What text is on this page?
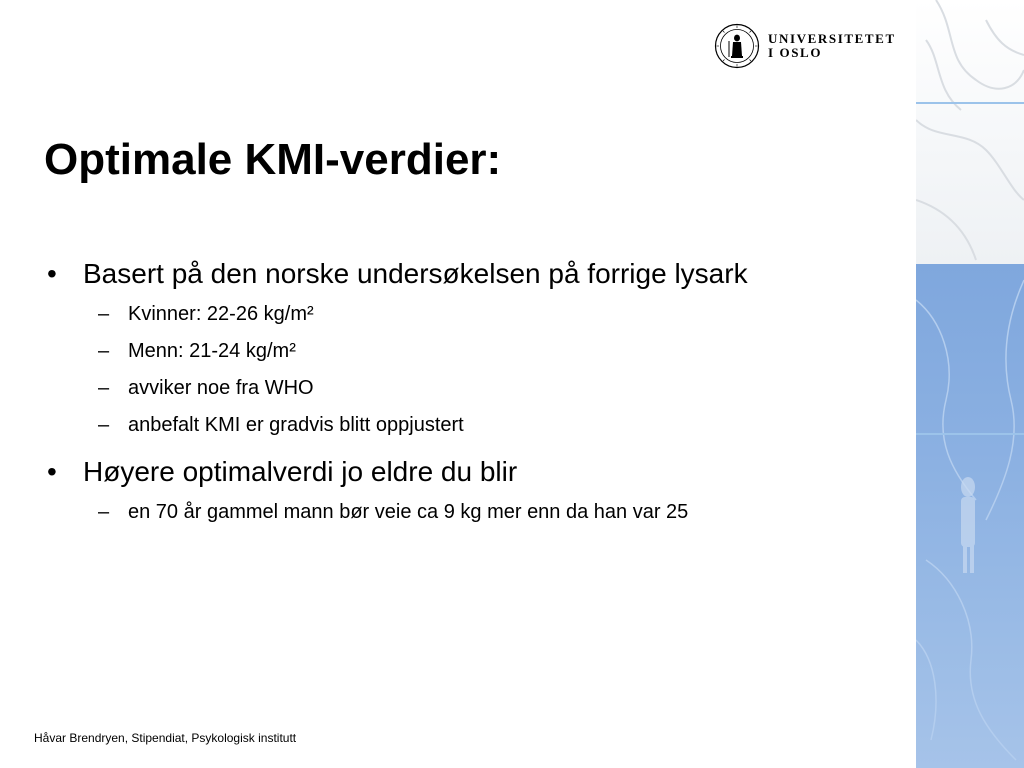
UNIVERSITETET
I OSLO
Optimale KMI-verdier:
• Basert på den norske undersøkelsen på forrige lysark
– Kvinner: 22-26 kg/m²
– Menn: 21-24 kg/m²
– avviker noe fra WHO
– anbefalt KMI er gradvis blitt oppjustert
• Høyere optimalverdi jo eldre du blir
– en 70 år gammel mann bør veie ca 9 kg mer enn da han var 25
Håvar Brendryen, Stipendiat, Psykologisk institutt
